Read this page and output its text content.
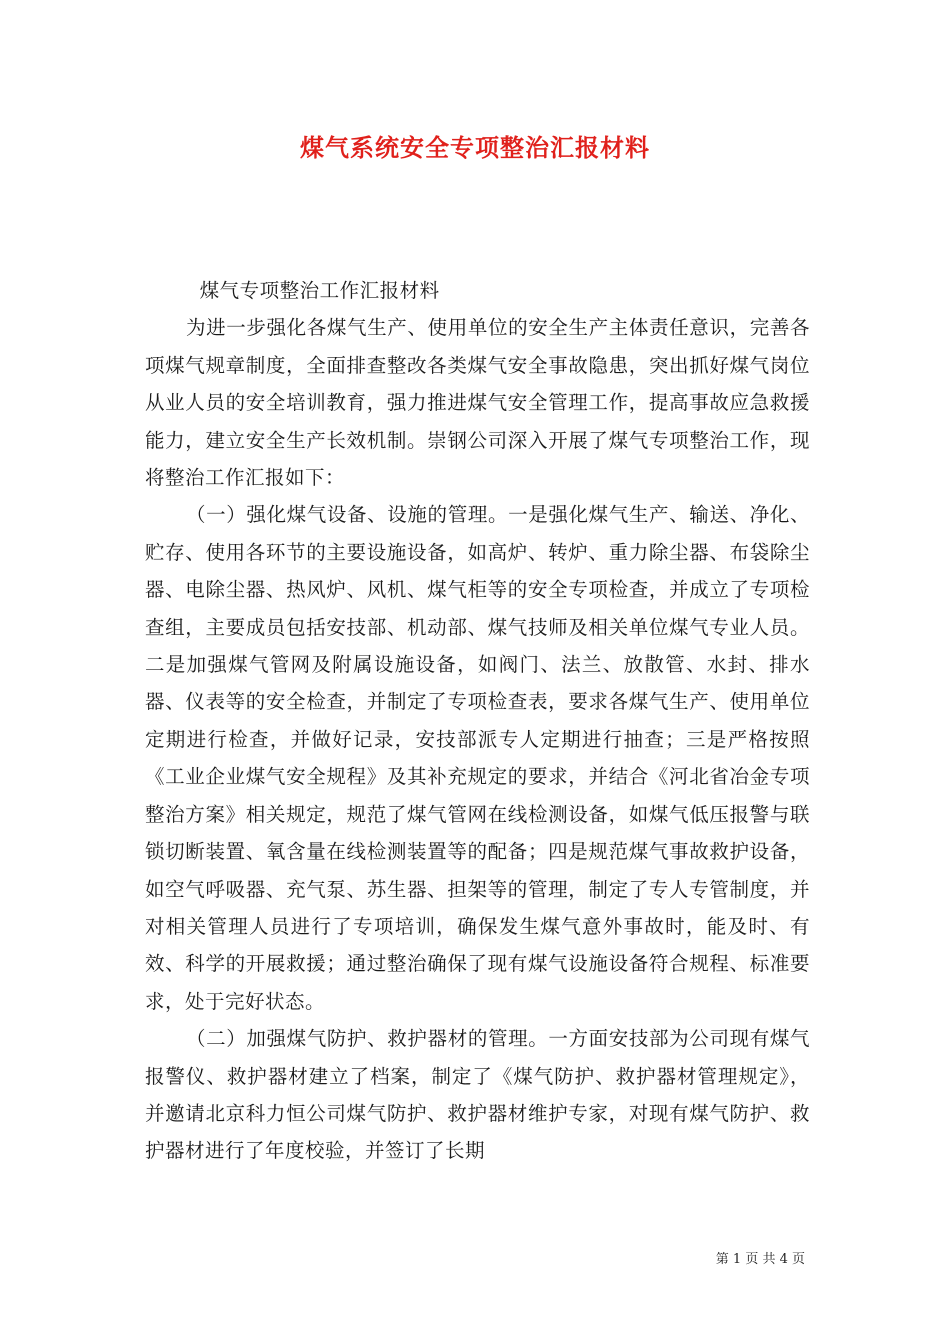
煤气系统安全专项整治汇报材料

煤气专项整治工作汇报材料

为进一步强化各煤气生产、使用单位的安全生产主体责任意识，完善各项煤气规章制度，全面排查整改各类煤气安全事故隐患，突出抓好煤气岗位从业人员的安全培训教育，强力推进煤气安全管理工作，提高事故应急救援能力，建立安全生产长效机制。崇钢公司深入开展了煤气专项整治工作，现将整治工作汇报如下：

（一）强化煤气设备、设施的管理。一是强化煤气生产、输送、净化、贮存、使用各环节的主要设施设备，如高炉、转炉、重力除尘器、布袋除尘器、电除尘器、热风炉、风机、煤气柜等的安全专项检查，并成立了专项检查组，主要成员包括安技部、机动部、煤气技师及相关单位煤气专业人员。二是加强煤气管网及附属设施设备，如阀门、法兰、放散管、水封、排水器、仪表等的安全检查，并制定了专项检查表，要求各煤气生产、使用单位定期进行检查，并做好记录，安技部派专人定期进行抽查；三是严格按照《工业企业煤气安全规程》及其补充规定的要求，并结合《河北省冶金专项整治方案》相关规定，规范了煤气管网在线检测设备，如煤气低压报警与联锁切断装置、氧含量在线检测装置等的配备；四是规范煤气事故救护设备，如空气呼吸器、充气泵、苏生器、担架等的管理，制定了专人专管制度，并对相关管理人员进行了专项培训，确保发生煤气意外事故时，能及时、有效、科学的开展救援；通过整治确保了现有煤气设施设备符合规程、标准要求，处于完好状态。

（二）加强煤气防护、救护器材的管理。一方面安技部为公司现有煤气报警仪、救护器材建立了档案，制定了《煤气防护、救护器材管理规定》，并邀请北京科力恒公司煤气防护、救护器材维护专家，对现有煤气防护、救护器材进行了年度校验，并签订了长期

第 1 页 共 4 页
